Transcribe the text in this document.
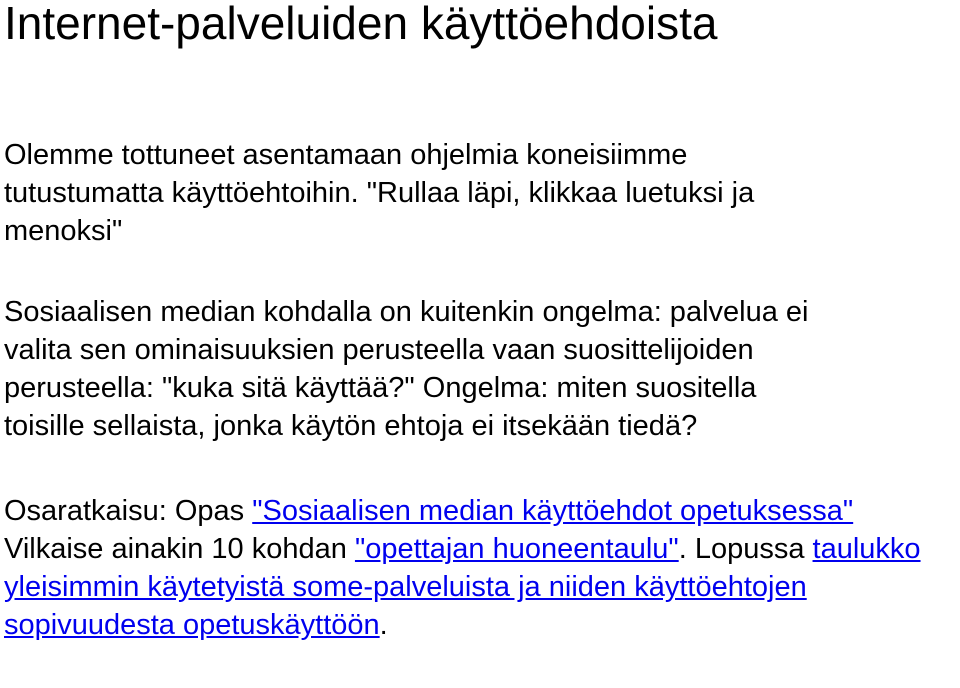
Internet-palveluiden käyttöehdoista

Olemme tottuneet asentamaan ohjelmia koneisiimme
tutustumatta käyttöehtoihin. "Rullaa läpi, klikkaa luetuksi ja
menoksi"

Sosiaalisen median kohdalla on kuitenkin ongelma: palvelua ei
valita sen ominaisuuksien perusteella vaan suosittelijoiden
perusteella: "kuka sitä käyttää?" Ongelma: miten suositella
toisille sellaista, jonka käytön ehtoja ei itsekään tiedä?

Osaratkaisu: Opas "Sosiaalisen median käyttöehdot opetuksessa" Vilkaise ainakin 10 kohdan "opettajan huoneentaulu". Lopussa taulukko yleisimmin käytetyistä some-palveluista ja niiden käyttöehtojen sopivuudesta opetuskäyttöön.
